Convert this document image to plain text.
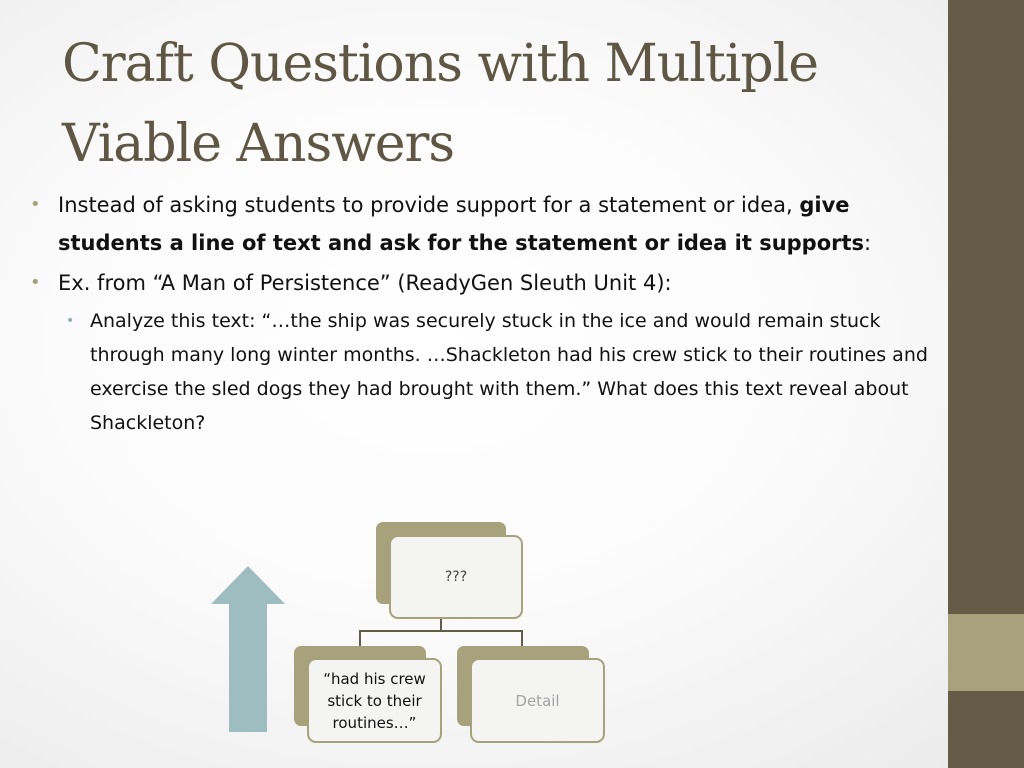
Craft Questions with Multiple Viable Answers
• Instead of asking students to provide support for a statement or idea, give students a line of text and ask for the statement or idea it supports:
• Ex. from “A Man of Persistence” (ReadyGen Sleuth Unit 4):
• Analyze this text: “…the ship was securely stuck in the ice and would remain stuck through many long winter months. …Shackleton had his crew stick to their routines and exercise the sled dogs they had brought with them.” What does this text reveal about Shackleton?
???
“had his crew stick to their routines…”
Detail
